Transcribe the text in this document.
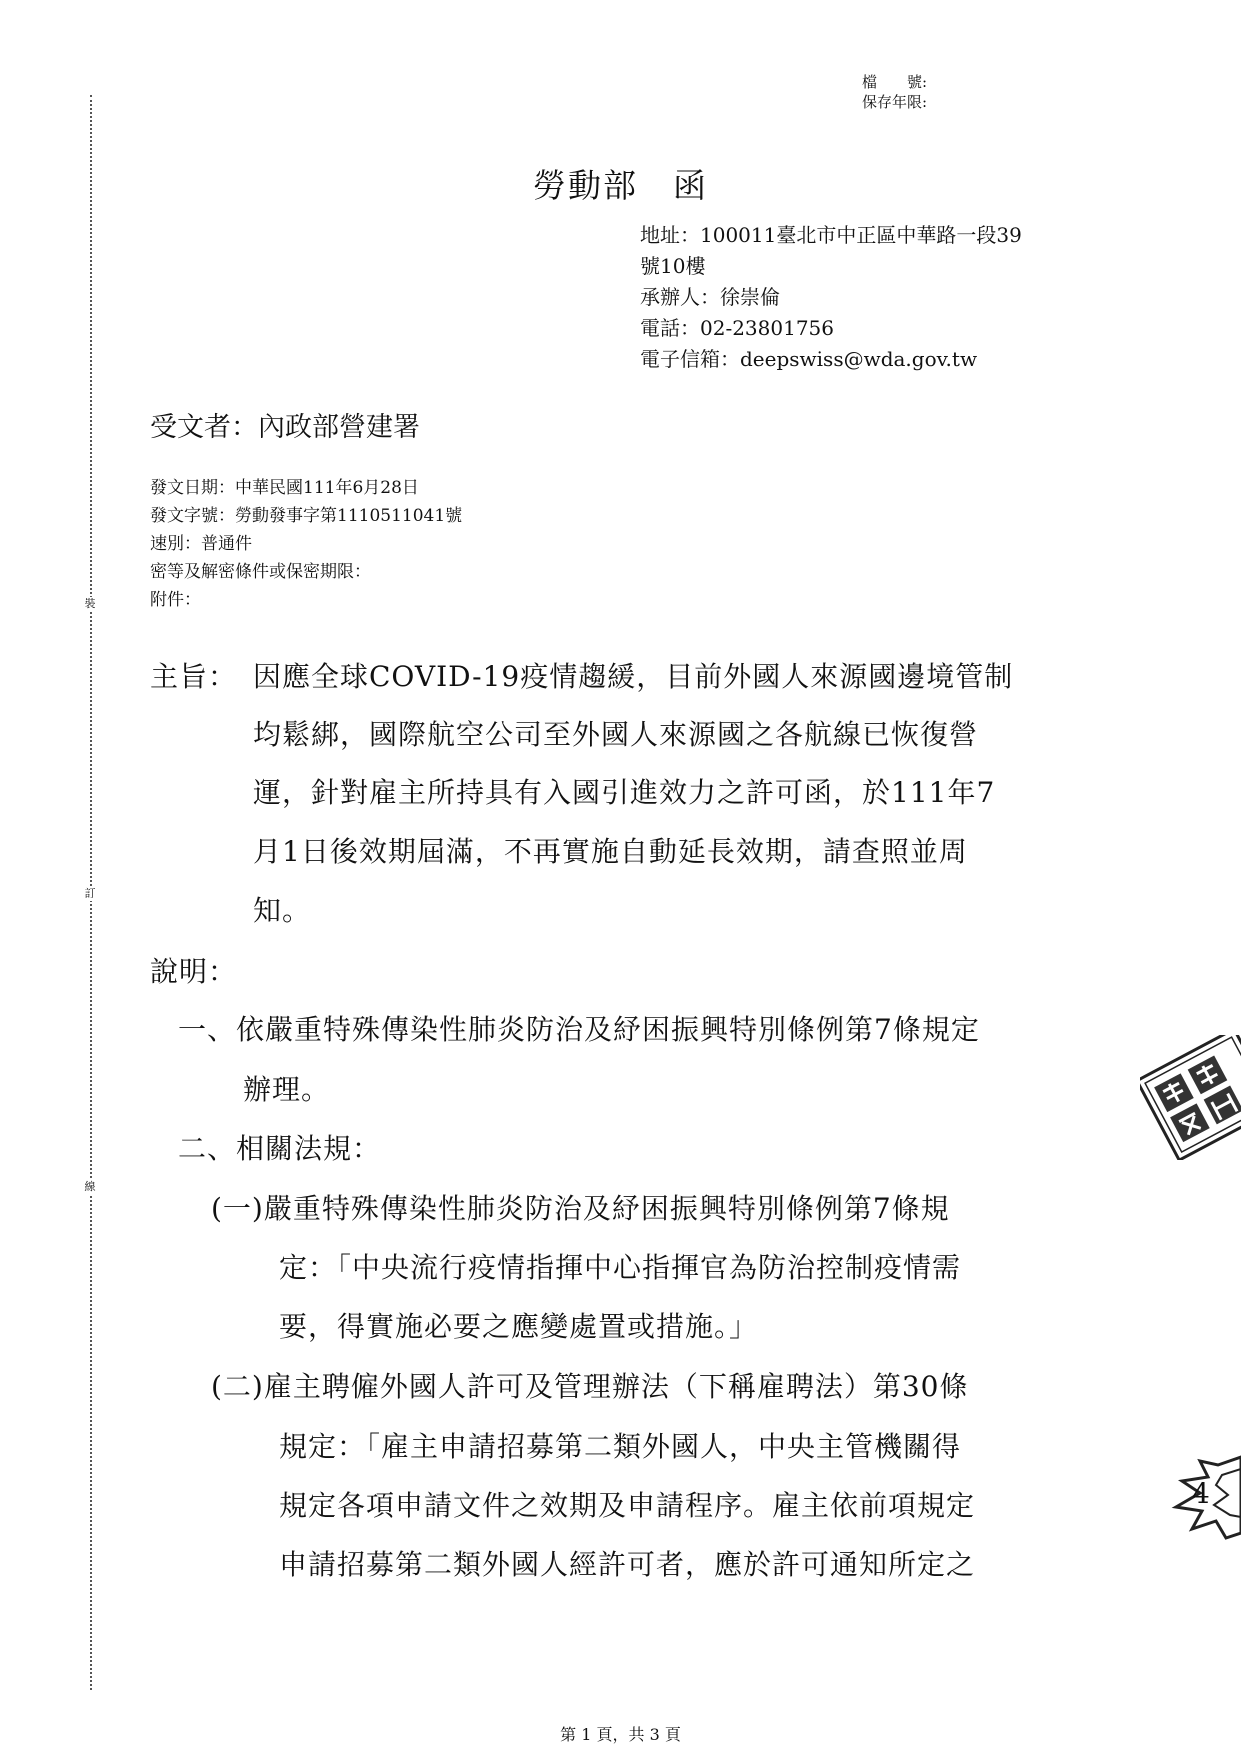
裝
訂
線
檔　　號:
保存年限:
勞動部　函
地址：100011臺北市中正區中華路一段39
號10樓
承辦人：徐崇倫
電話：02-23801756
電子信箱：deepswiss@wda.gov.tw
受文者：內政部營建署
發文日期：中華民國111年6月28日
發文字號：勞動發事字第1110511041號
速別：普通件
密等及解密條件或保密期限：
附件：
主旨： 因應全球COVID-19疫情趨緩，目前外國人來源國邊境管制
均鬆綁，國際航空公司至外國人來源國之各航線已恢復營
運，針對雇主所持具有入國引進效力之許可函，於111年7
月1日後效期屆滿，不再實施自動延長效期，請查照並周
知。
說明：
一、依嚴重特殊傳染性肺炎防治及紓困振興特別條例第7條規定
辦理。
二、相關法規：
(一)嚴重特殊傳染性肺炎防治及紓困振興特別條例第7條規
定：「中央流行疫情指揮中心指揮官為防治控制疫情需
要，得實施必要之應變處置或措施。」
(二)雇主聘僱外國人許可及管理辦法（下稱雇聘法）第30條
規定：「雇主申請招募第二類外國人，中央主管機關得
規定各項申請文件之效期及申請程序。雇主依前項規定
申請招募第二類外國人經許可者，應於許可通知所定之
4
第 1 頁，共 3 頁
